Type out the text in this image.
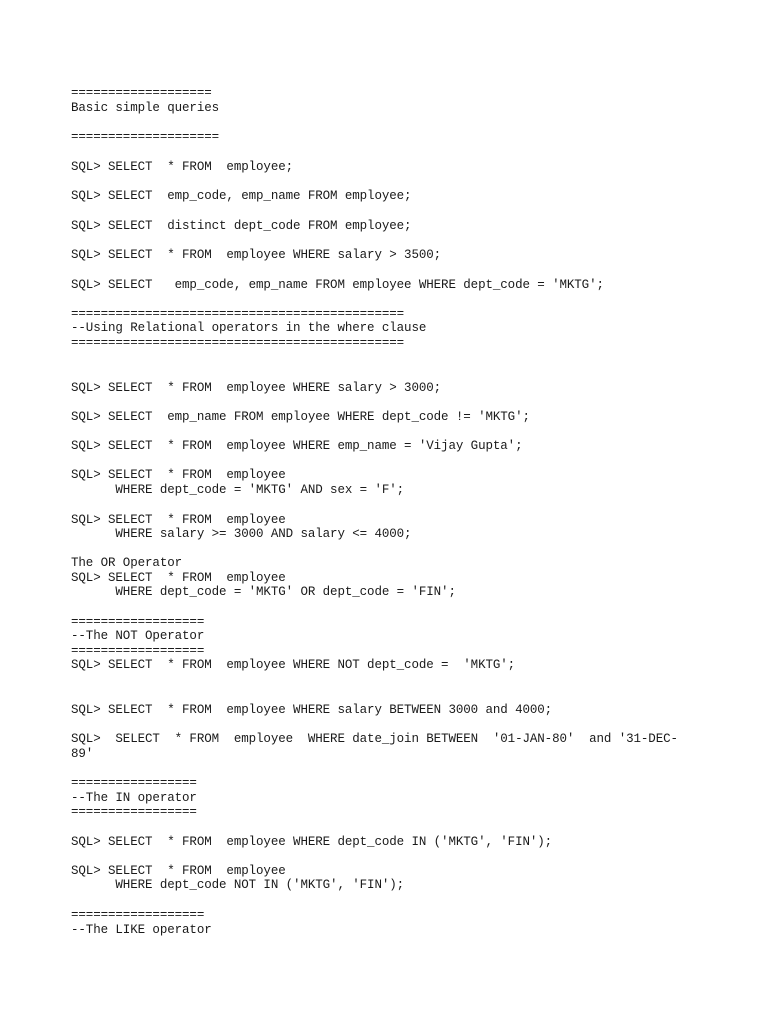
===================
Basic simple queries
====================
SQL> SELECT  * FROM  employee;
SQL> SELECT  emp_code, emp_name FROM employee;
SQL> SELECT  distinct dept_code FROM employee;
SQL> SELECT  * FROM  employee WHERE salary > 3500;
SQL> SELECT   emp_code, emp_name FROM employee WHERE dept_code = 'MKTG';
=============================================
--Using Relational operators in the where clause
=============================================
SQL> SELECT  * FROM  employee WHERE salary > 3000;
SQL> SELECT  emp_name FROM employee WHERE dept_code != 'MKTG';
SQL> SELECT  * FROM  employee WHERE emp_name = 'Vijay Gupta';
SQL> SELECT  * FROM  employee
WHERE dept_code = 'MKTG' AND sex = 'F';
SQL> SELECT  * FROM  employee
WHERE salary >= 3000 AND salary <= 4000;
The OR Operator
SQL> SELECT  * FROM  employee
WHERE dept_code = 'MKTG' OR dept_code = 'FIN';
==================
--The NOT Operator
==================
SQL> SELECT  * FROM  employee WHERE NOT dept_code =  'MKTG';
SQL> SELECT  * FROM  employee WHERE salary BETWEEN 3000 and 4000;
SQL>  SELECT  * FROM  employee  WHERE date_join BETWEEN  '01-JAN-80'  and '31-DEC-
89'
=================
--The IN operator
=================
SQL> SELECT  * FROM  employee WHERE dept_code IN ('MKTG', 'FIN');
SQL> SELECT  * FROM  employee
WHERE dept_code NOT IN ('MKTG', 'FIN');
==================
--The LIKE operator
